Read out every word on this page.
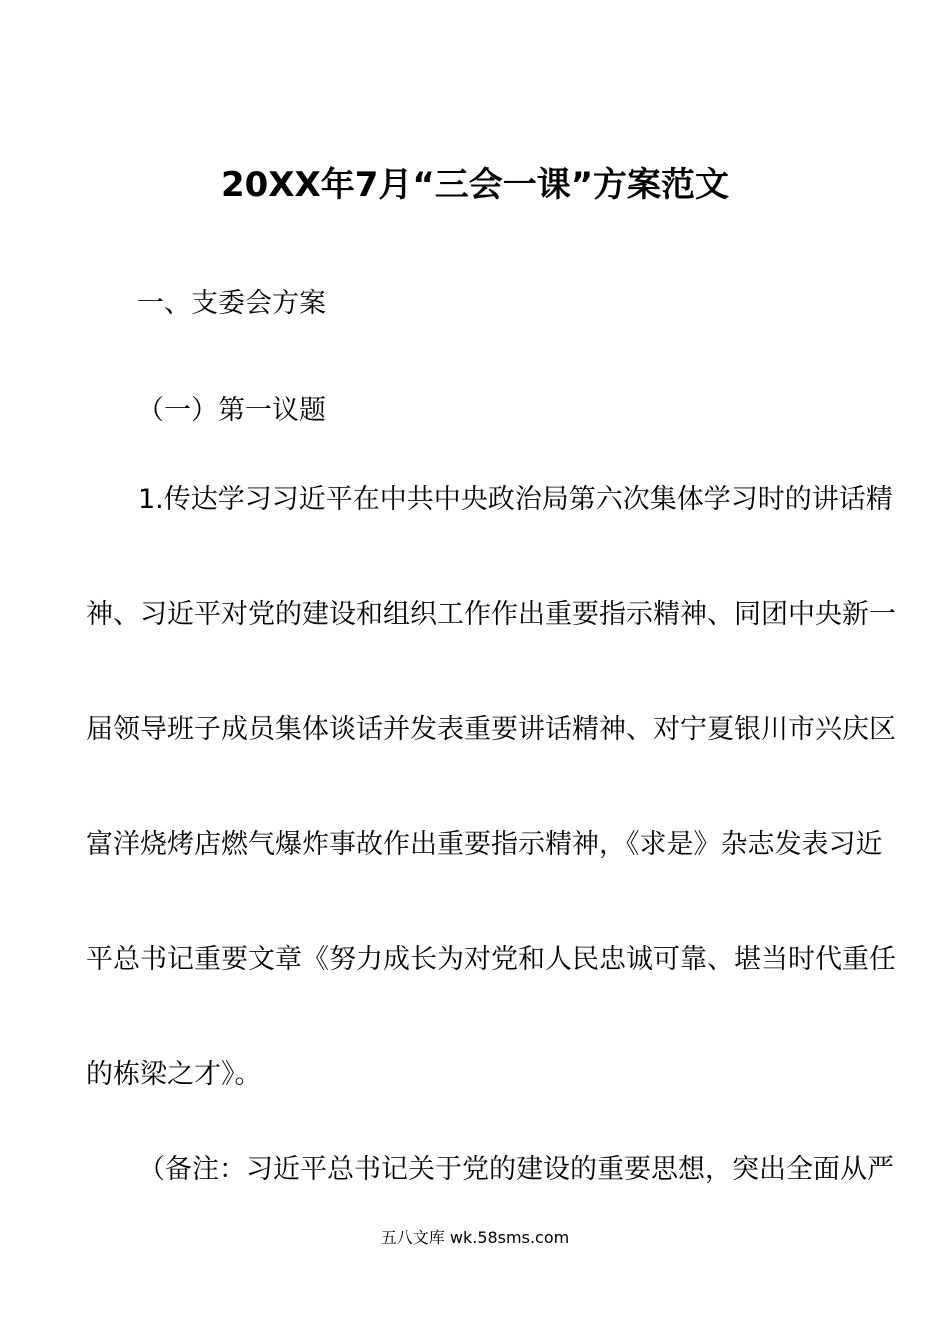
20XX年7月“三会一课”方案范文
一、支委会方案
（一）第一议题
1.传达学习习近平在中共中央政治局第六次集体学习时的讲话精
神、习近平对党的建设和组织工作作出重要指示精神、同团中央新一
届领导班子成员集体谈话并发表重要讲话精神、对宁夏银川市兴庆区
富洋烧烤店燃气爆炸事故作出重要指示精神，《求是》杂志发表习近
平总书记重要文章《努力成长为对党和人民忠诚可靠、堪当时代重任
的栋梁之才》。
（备注：习近平总书记关于党的建设的重要思想，突出全面从严
五八文库 wk.58sms.com
